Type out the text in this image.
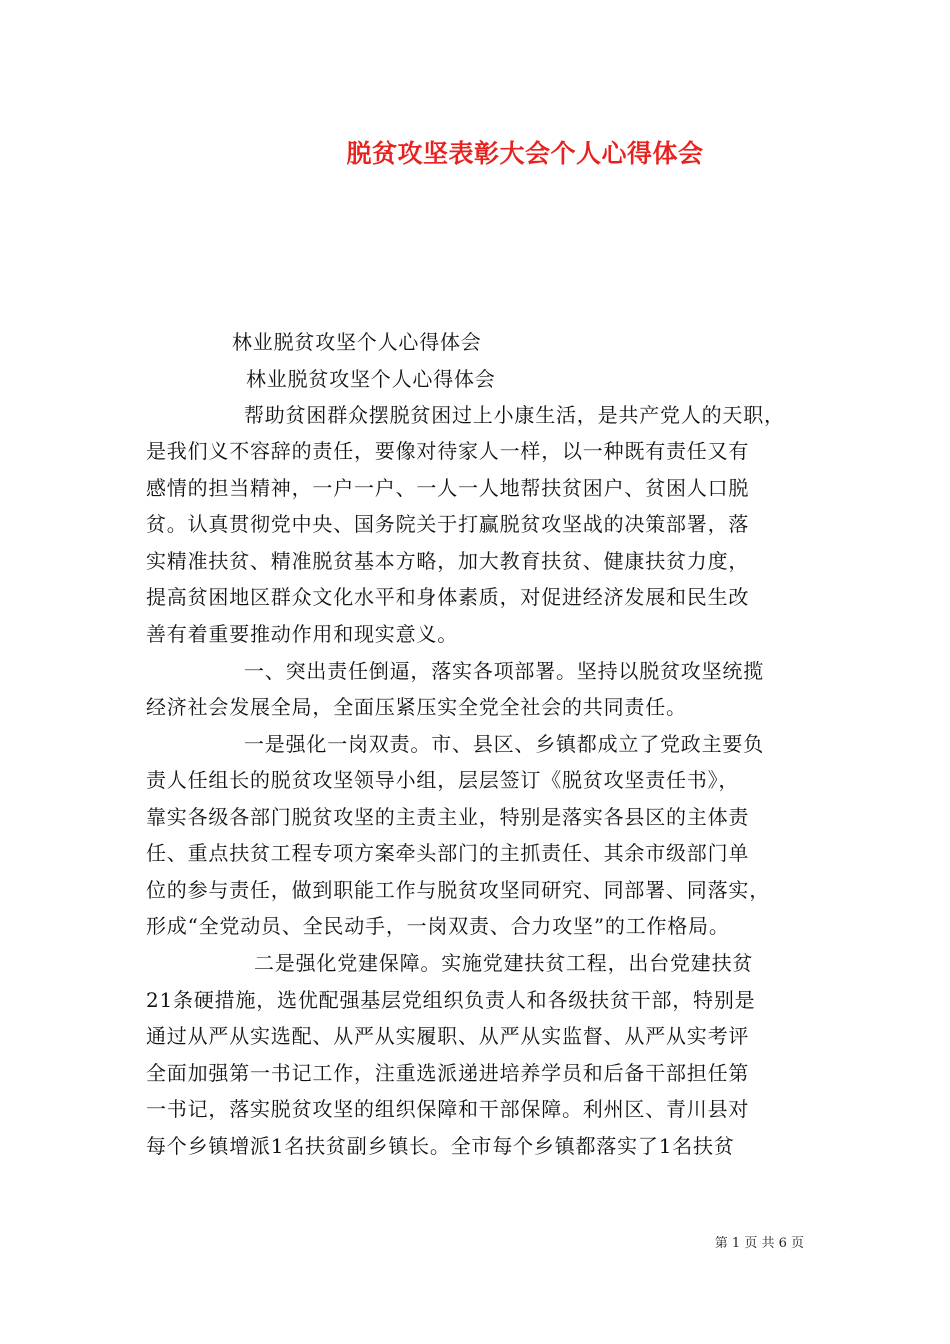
脱贫攻坚表彰大会个人心得体会
林业脱贫攻坚个人心得体会
林业脱贫攻坚个人心得体会
帮助贫困群众摆脱贫困过上小康生活，是共产党人的天职，
是我们义不容辞的责任，要像对待家人一样，以一种既有责任又有
感情的担当精神，一户一户、一人一人地帮扶贫困户、贫困人口脱
贫。认真贯彻党中央、国务院关于打赢脱贫攻坚战的决策部署，落
实精准扶贫、精准脱贫基本方略，加大教育扶贫、健康扶贫力度，
提高贫困地区群众文化水平和身体素质，对促进经济发展和民生改
善有着重要推动作用和现实意义。
一、突出责任倒逼，落实各项部署。坚持以脱贫攻坚统揽
经济社会发展全局，全面压紧压实全党全社会的共同责任。
一是强化一岗双责。市、县区、乡镇都成立了党政主要负
责人任组长的脱贫攻坚领导小组，层层签订《脱贫攻坚责任书》，
靠实各级各部门脱贫攻坚的主责主业，特别是落实各县区的主体责
任、重点扶贫工程专项方案牵头部门的主抓责任、其余市级部门单
位的参与责任，做到职能工作与脱贫攻坚同研究、同部署、同落实，
形成“全党动员、全民动手，一岗双责、合力攻坚”的工作格局。
二是强化党建保障。实施党建扶贫工程，出台党建扶贫
21条硬措施，选优配强基层党组织负责人和各级扶贫干部，特别是
通过从严从实选配、从严从实履职、从严从实监督、从严从实考评
全面加强第一书记工作，注重选派递进培养学员和后备干部担任第
一书记，落实脱贫攻坚的组织保障和干部保障。利州区、青川县对
每个乡镇增派1名扶贫副乡镇长。全市每个乡镇都落实了1名扶贫
第 1 页 共 6 页
